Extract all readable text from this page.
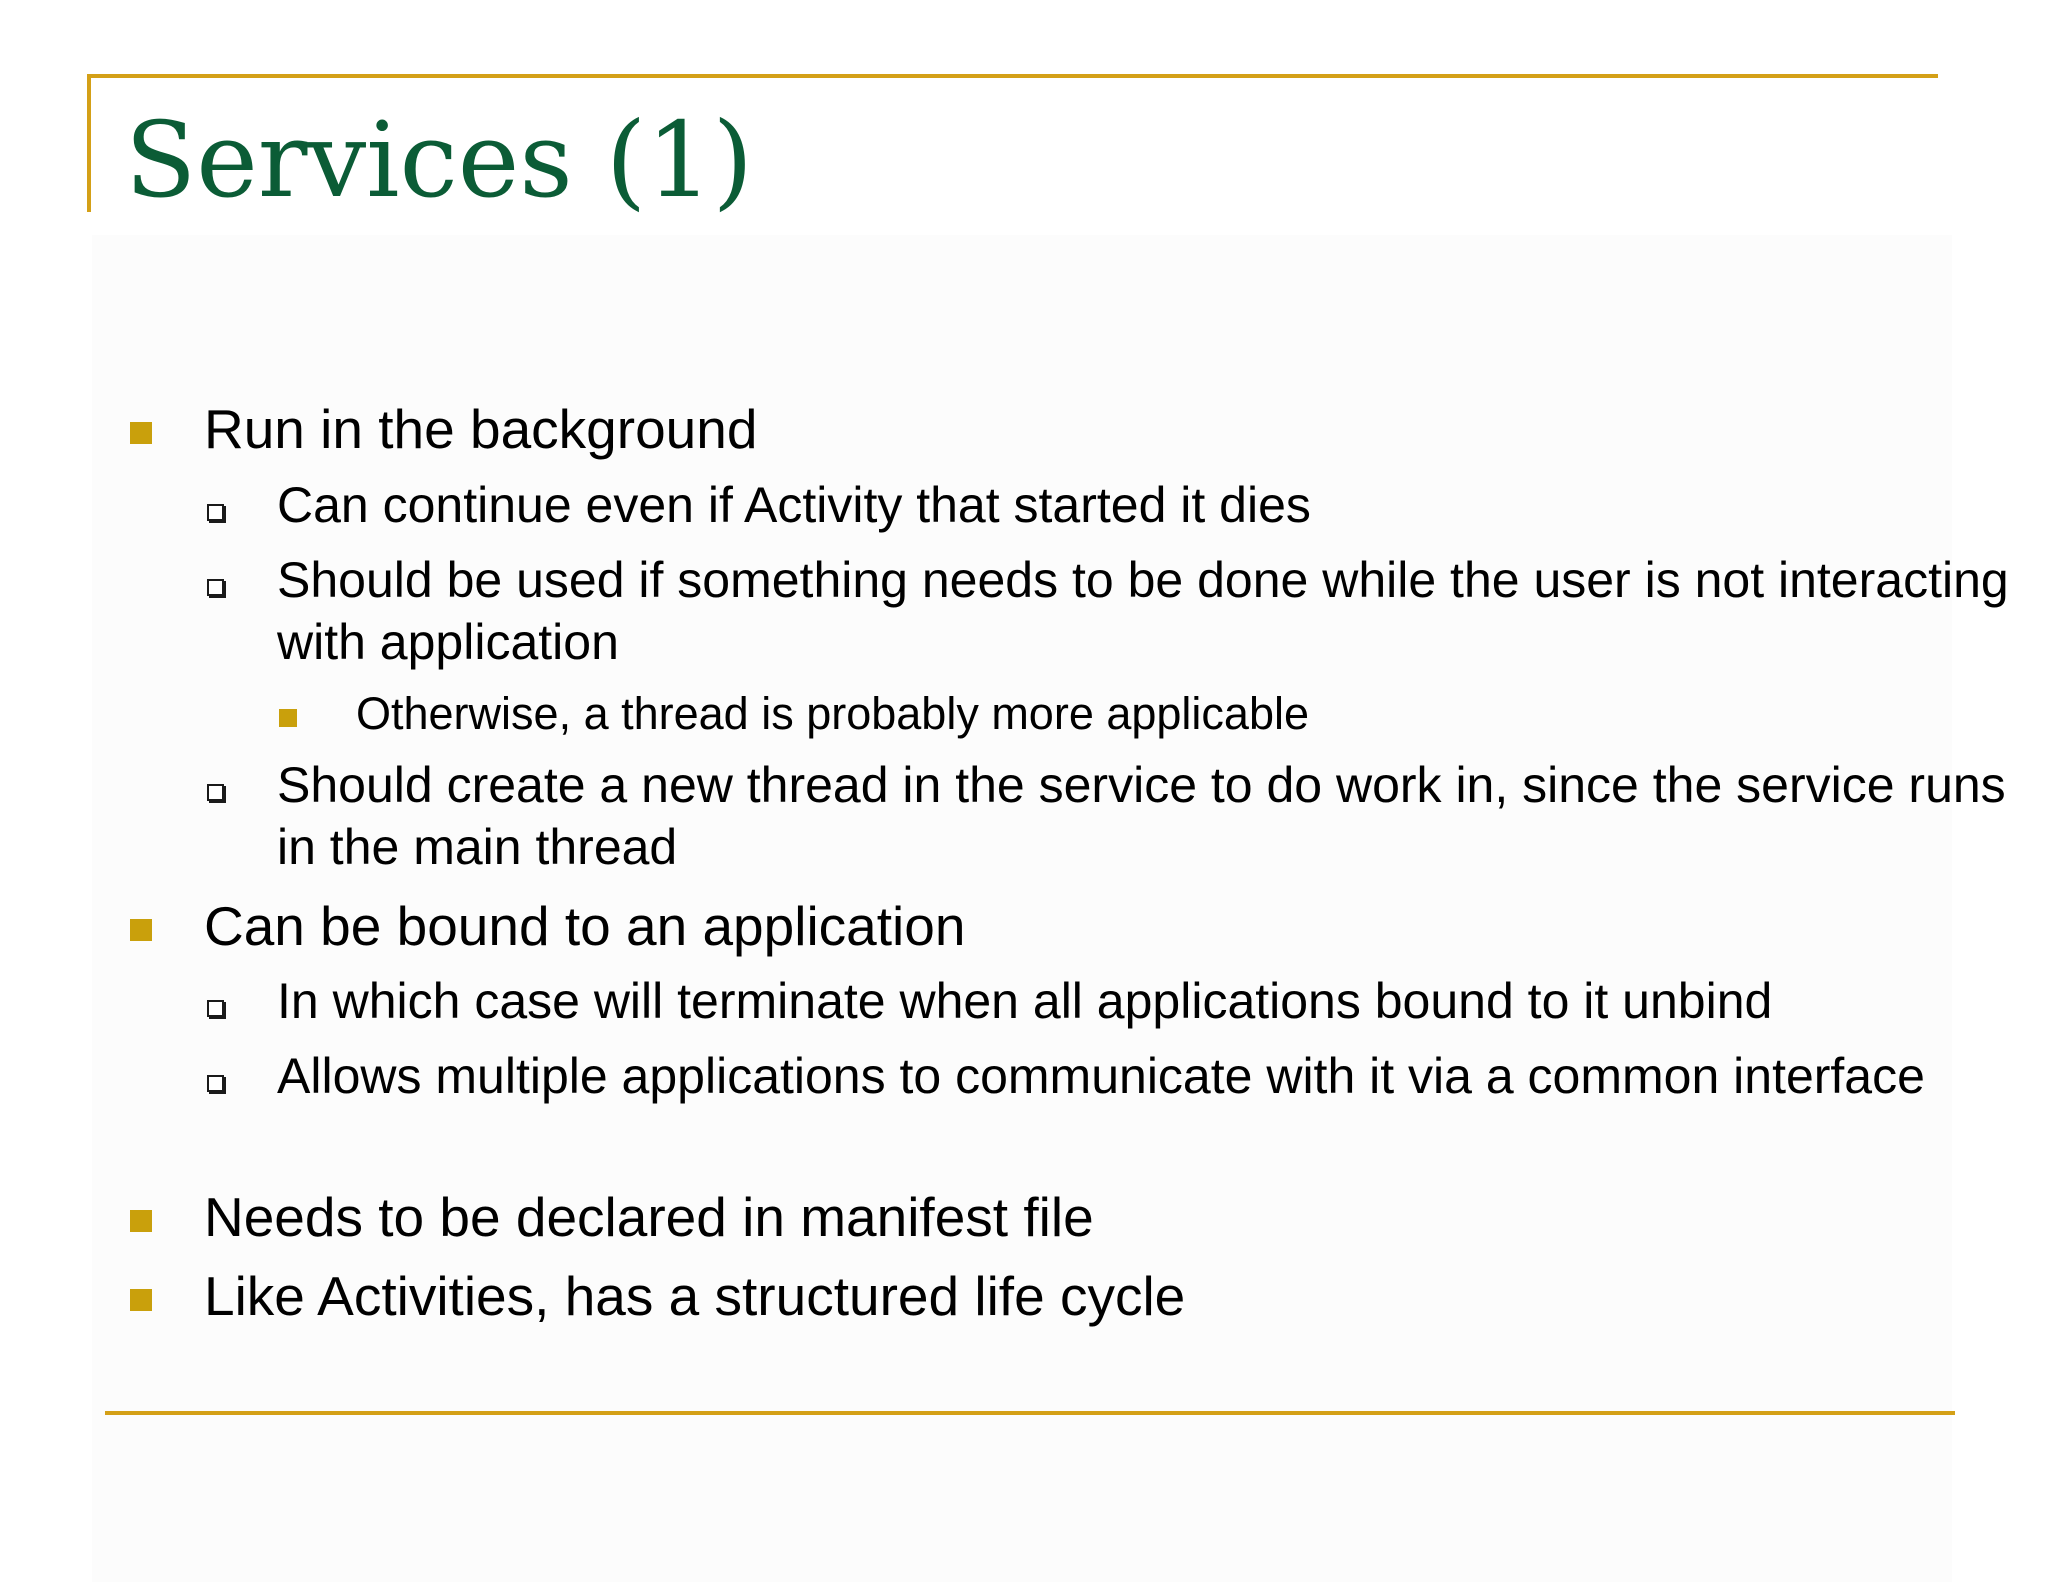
Services (1)
Run in the background
Can continue even if Activity that started it dies
Should be used if something needs to be done while the user is not interacting with application
Otherwise, a thread is probably more applicable
Should create a new thread in the service to do work in, since the service runs in the main thread
Can be bound to an application
In which case will terminate when all applications bound to it unbind
Allows multiple applications to communicate with it via a common interface
Needs to be declared in manifest file
Like Activities, has a structured life cycle
